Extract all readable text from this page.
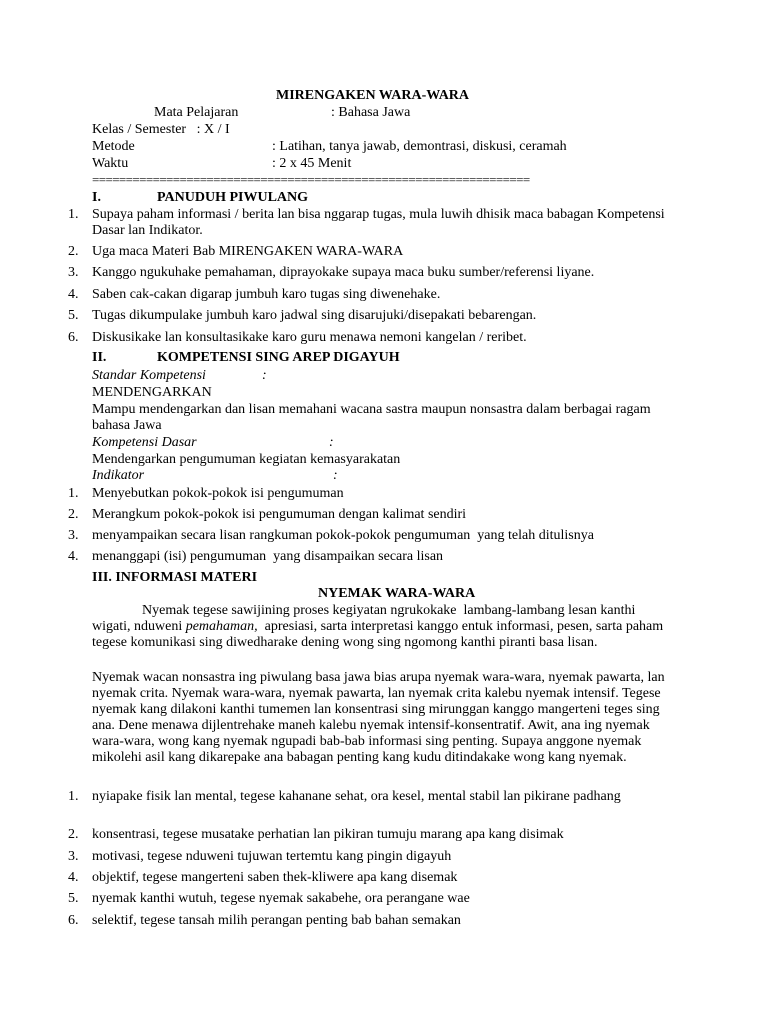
MIRENGAKEN WARA-WARA
Mata Pelajaran	: Bahasa Jawa
Kelas / Semester   : X / I
Metode	: Latihan, tanya jawab, demontrasi, diskusi, ceramah
Waktu	: 2 x 45 Menit
=================================================================
I.	PANUDUH PIWULANG
1. Supaya paham informasi / berita lan bisa nggarap tugas, mula luwih dhisik maca babagan Kompetensi Dasar lan Indikator.
2. Uga maca Materi Bab MIRENGAKEN WARA-WARA
3. Kanggo ngukuhake pemahaman, diprayokake supaya maca buku sumber/referensi liyane.
4. Saben cak-cakan digarap jumbuh karo tugas sing diwenehake.
5. Tugas dikumpulake jumbuh karo jadwal sing disarujuki/disepakati bebarengan.
6. Diskusikake lan konsultasikake karo guru menawa nemoni kangelan / reribet.
II.	KOMPETENSI SING AREP DIGAYUH
Standar Kompetensi	:
MENDENGARKAN
Mampu mendengarkan dan lisan memahani wacana sastra maupun nonsastra dalam berbagai ragam bahasa Jawa
Kompetensi Dasar	:
Mendengarkan pengumuman kegiatan kemasyarakatan
Indikator	:
1. Menyebutkan pokok-pokok isi pengumuman
2. Merangkum pokok-pokok isi pengumuman dengan kalimat sendiri
3. menyampaikan secara lisan rangkuman pokok-pokok pengumuman  yang telah ditulisnya
4. menanggapi (isi) pengumuman  yang disampaikan secara lisan
III. INFORMASI MATERI
NYEMAK WARA-WARA
Nyemak tegese sawijining proses kegiyatan ngrukokake  lambang-lambang lesan kanthi wigati, nduweni pemahaman,  apresiasi, sarta interpretasi kanggo entuk informasi, pesen, sarta paham tegese komunikasi sing diwedharake dening wong sing ngomong kanthi piranti basa lisan.
Nyemak wacan nonsastra ing piwulang basa jawa bias arupa nyemak wara-wara, nyemak pawarta, lan nyemak crita. Nyemak wara-wara, nyemak pawarta, lan nyemak crita kalebu nyemak intensif. Tegese nyemak kang dilakoni kanthi tumemen lan konsentrasi sing mirunggan kanggo mangerteni teges sing ana. Dene menawa dijlentrehake maneh kalebu nyemak intensif-konsentratif. Awit, ana ing nyemak wara-wara, wong kang nyemak ngupadi bab-bab informasi sing penting. Supaya anggone nyemak mikolehi asil kang dikarepake ana babagan penting kang kudu ditindakake wong kang nyemak.
1. nyiapake fisik lan mental, tegese kahanane sehat, ora kesel, mental stabil lan pikirane padhang
2. konsentrasi, tegese musatake perhatian lan pikiran tumuju marang apa kang disimak
3. motivasi, tegese nduweni tujuwan tertemtu kang pingin digayuh
4. objektif, tegese mangerteni saben thek-kliwere apa kang disemak
5. nyemak kanthi wutuh, tegese nyemak sakabehe, ora perangane wae
6. selektif, tegese tansah milih perangan penting bab bahan semakan
